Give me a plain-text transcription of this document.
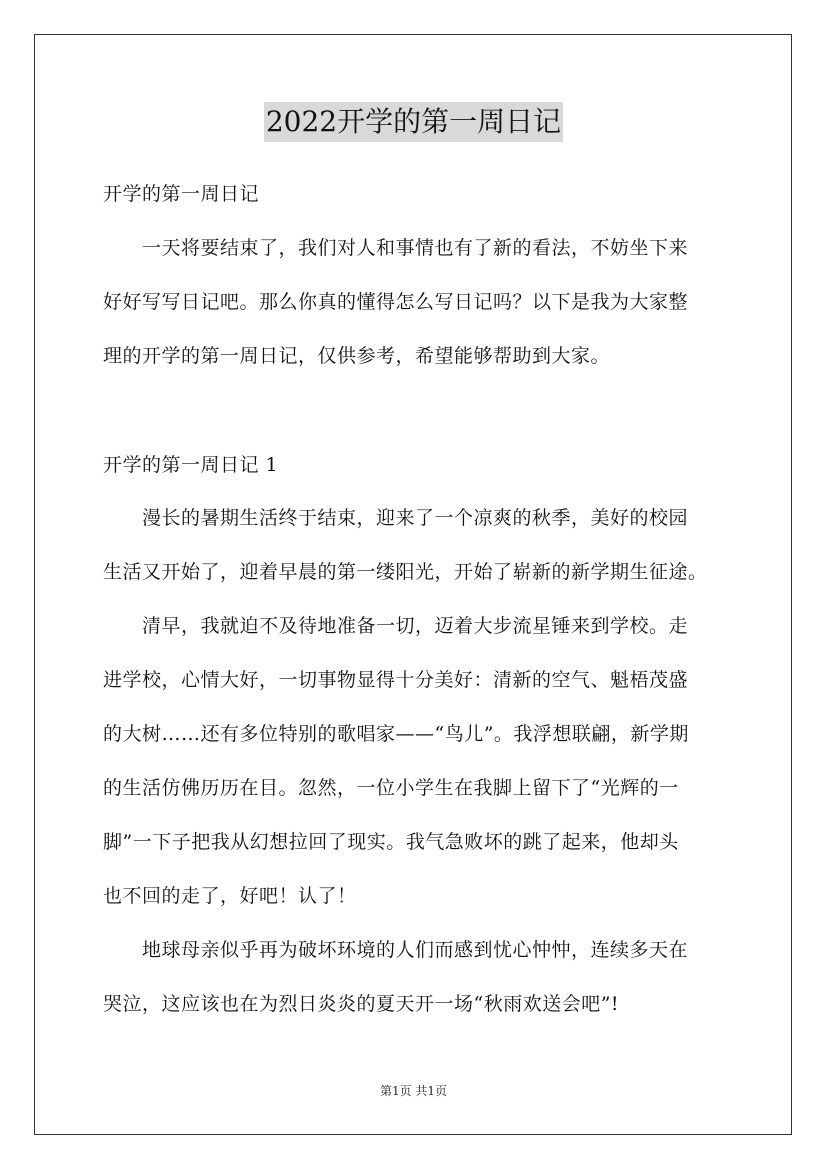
2022开学的第一周日记
开学的第一周日记
一天将要结束了，我们对人和事情也有了新的看法，不妨坐下来
好好写写日记吧。那么你真的懂得怎么写日记吗？以下是我为大家整
理的开学的第一周日记，仅供参考，希望能够帮助到大家。
开学的第一周日记 1
漫长的暑期生活终于结束，迎来了一个凉爽的秋季，美好的校园
生活又开始了，迎着早晨的第一缕阳光，开始了崭新的新学期生征途。
清早，我就迫不及待地准备一切，迈着大步流星锤来到学校。走
进学校，心情大好，一切事物显得十分美好：清新的空气、魁梧茂盛
的大树……还有多位特别的歌唱家——“鸟儿”。我浮想联翩，新学期
的生活仿佛历历在目。忽然，一位小学生在我脚上留下了“光辉的一
脚”一下子把我从幻想拉回了现实。我气急败坏的跳了起来，他却头
也不回的走了，好吧！认了！
地球母亲似乎再为破坏环境的人们而感到忧心忡忡，连续多天在
哭泣，这应该也在为烈日炎炎的夏天开一场“秋雨欢送会吧”!
第1页 共1页
